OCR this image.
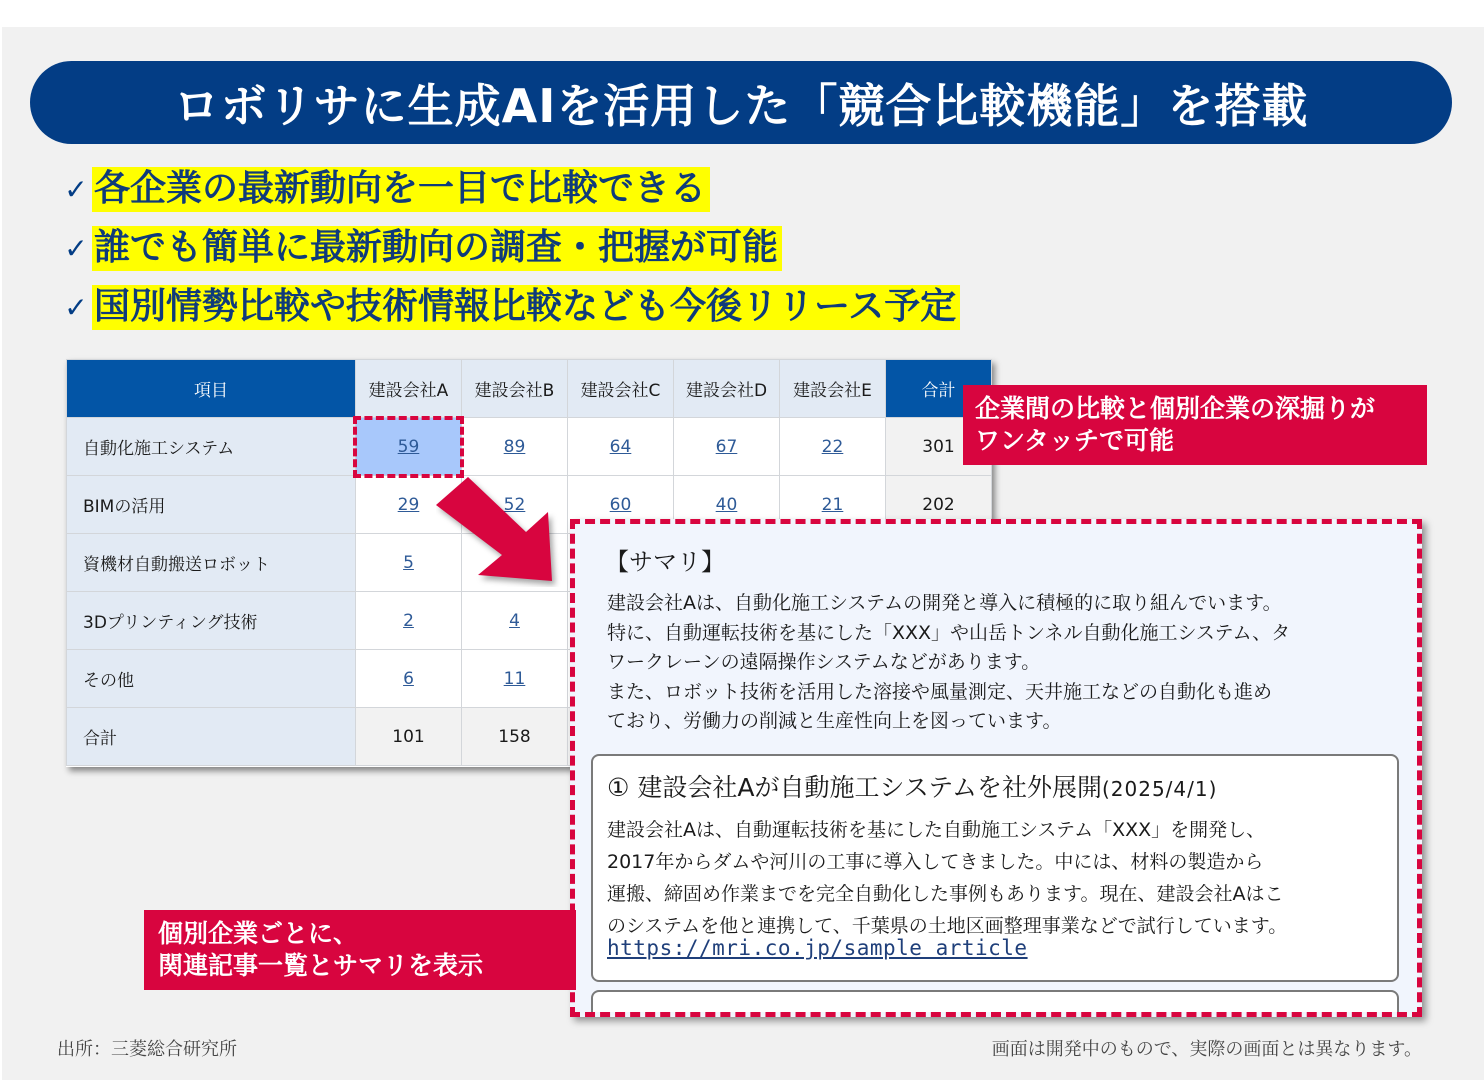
ロボリサに生成AIを活用した「競合比較機能」を搭載
✓ 各企業の最新動向を一目で比較できる
✓ 誰でも簡単に最新動向の調査・把握が可能
✓ 国別情勢比較や技術情報比較なども今後リリース予定
項目	建設会社A	建設会社B	建設会社C	建設会社D	建設会社E	合計
自動化施工システム	59	89	64	67	22	301
BIMの活用	29	52	60	40	21	202
資機材自動搬送ロボット	5					
3Dプリンティング技術	2	4				
その他	6	11				
合計	101	158				
企業間の比較と個別企業の深掘りが
ワンタッチで可能
【サマリ】
建設会社Aは、自動化施工システムの開発と導入に積極的に取り組んでいます。
特に、自動運転技術を基にした「XXX」や山岳トンネル自動化施工システム、タ
ワークレーンの遠隔操作システムなどがあります。
また、ロボット技術を活用した溶接や風量測定、天井施工などの自動化も進め
ており、労働力の削減と生産性向上を図っています。
① 建設会社Aが自動施工システムを社外展開(2025/4/1)
建設会社Aは、自動運転技術を基にした自動施工システム「XXX」を開発し、
2017年からダムや河川の工事に導入してきました。中には、材料の製造から
運搬、締固め作業までを完全自動化した事例もあります。現在、建設会社Aはこ
のシステムを他と連携して、千葉県の土地区画整理事業などで試行しています。
https://mri.co.jp/sample article
個別企業ごとに、
関連記事一覧とサマリを表示
出所：三菱総合研究所	画面は開発中のもので、実際の画面とは異なります。
